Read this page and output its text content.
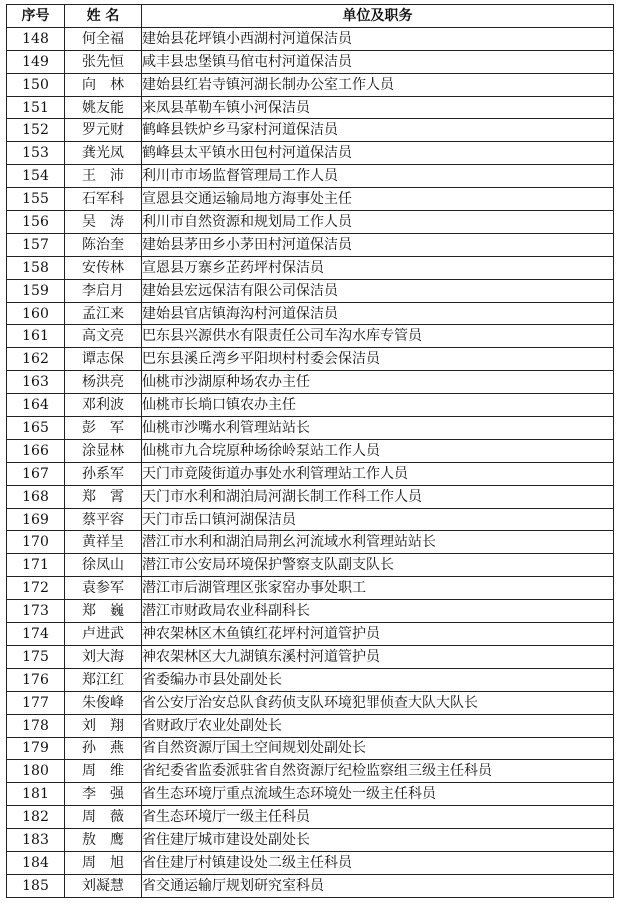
序号	姓 名	单位及职务
148	何全福	建始县花坪镇小西湖村河道保洁员
149	张先恒	咸丰县忠堡镇马倌屯村河道保洁员
150	向　林	建始县红岩寺镇河湖长制办公室工作人员
151	姚友能	来凤县革勒车镇小河保洁员
152	罗元财	鹤峰县铁炉乡马家村河道保洁员
153	龚光凤	鹤峰县太平镇水田包村河道保洁员
154	王　沛	利川市市场监督管理局工作人员
155	石军科	宣恩县交通运输局地方海事处主任
156	吴　涛	利川市自然资源和规划局工作人员
157	陈治奎	建始县茅田乡小茅田村河道保洁员
158	安传林	宣恩县万寨乡芷药坪村保洁员
159	李启月	建始县宏远保洁有限公司保洁员
160	孟江来	建始县官店镇海沟村河道保洁员
161	高文亮	巴东县兴源供水有限责任公司车沟水库专管员
162	谭志保	巴东县溪丘湾乡平阳坝村村委会保洁员
163	杨洪亮	仙桃市沙湖原种场农办主任
164	邓利波	仙桃市长埫口镇农办主任
165	彭　军	仙桃市沙嘴水利管理站站长
166	涂显林	仙桃市九合垸原种场徐岭泵站工作人员
167	孙系军	天门市竟陵街道办事处水利管理站工作人员
168	郑　霄	天门市水利和湖泊局河湖长制工作科工作人员
169	蔡平容	天门市岳口镇河湖保洁员
170	黄祥呈	潜江市水利和湖泊局荆幺河流域水利管理站站长
171	徐凤山	潜江市公安局环境保护警察支队副支队长
172	袁参军	潜江市后湖管理区张家窑办事处职工
173	郑　巍	潜江市财政局农业科副科长
174	卢进武	神农架林区木鱼镇红花坪村河道管护员
175	刘大海	神农架林区大九湖镇东溪村河道管护员
176	郑江红	省委编办市县处副处长
177	朱俊峰	省公安厅治安总队食药侦支队环境犯罪侦查大队大队长
178	刘　翔	省财政厅农业处副处长
179	孙　燕	省自然资源厅国土空间规划处副处长
180	周　维	省纪委省监委派驻省自然资源厅纪检监察组三级主任科员
181	李　强	省生态环境厅重点流域生态环境处一级主任科员
182	周　薇	省生态环境厅一级主任科员
183	敖　鹰	省住建厅城市建设处副处长
184	周　旭	省住建厅村镇建设处二级主任科员
185	刘凝慧	省交通运输厅规划研究室科员
